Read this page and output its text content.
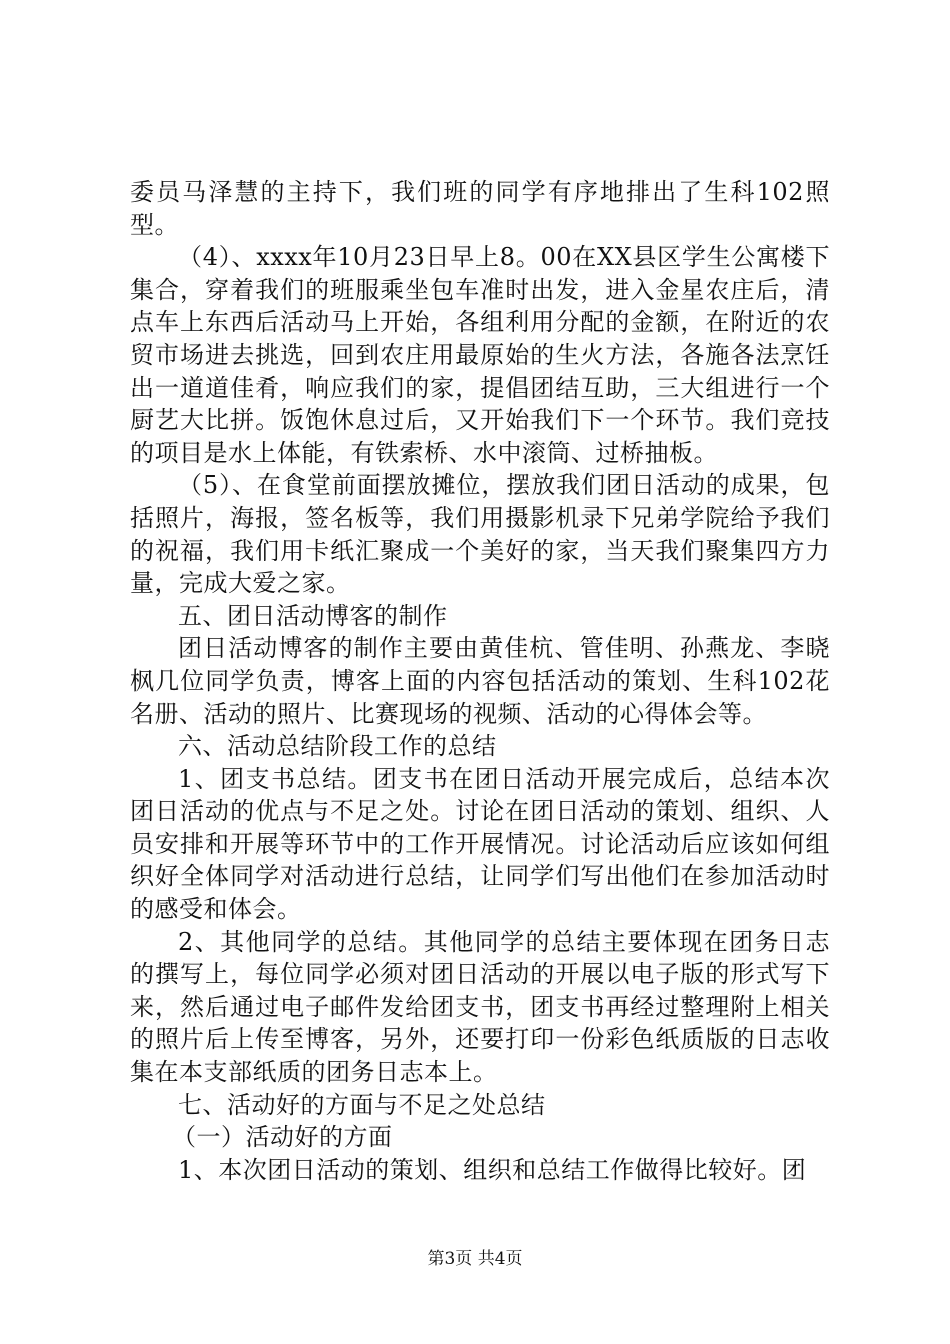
委员马泽慧的主持下，我们班的同学有序地排出了生科102照型。

（4）、xxxx年10月23日早上8。00在XX县区学生公寓楼下集合，穿着我们的班服乘坐包车准时出发，进入金星农庄后，清点车上东西后活动马上开始，各组利用分配的金额，在附近的农贸市场进去挑选，回到农庄用最原始的生火方法，各施各法烹饪出一道道佳肴，响应我们的家，提倡团结互助，三大组进行一个厨艺大比拼。饭饱休息过后，又开始我们下一个环节。我们竞技的项目是水上体能，有铁索桥、水中滚筒、过桥抽板。

（5）、在食堂前面摆放摊位，摆放我们团日活动的成果，包括照片，海报，签名板等，我们用摄影机录下兄弟学院给予我们的祝福，我们用卡纸汇聚成一个美好的家，当天我们聚集四方力量，完成大爱之家。

五、团日活动博客的制作

团日活动博客的制作主要由黄佳杭、管佳明、孙燕龙、李晓枫几位同学负责，博客上面的内容包括活动的策划、生科102花名册、活动的照片、比赛现场的视频、活动的心得体会等。

六、活动总结阶段工作的总结

1、团支书总结。团支书在团日活动开展完成后，总结本次团日活动的优点与不足之处。讨论在团日活动的策划、组织、人员安排和开展等环节中的工作开展情况。讨论活动后应该如何组织好全体同学对活动进行总结，让同学们写出他们在参加活动时的感受和体会。

2、其他同学的总结。其他同学的总结主要体现在团务日志的撰写上，每位同学必须对团日活动的开展以电子版的形式写下来，然后通过电子邮件发给团支书，团支书再经过整理附上相关的照片后上传至博客，另外，还要打印一份彩色纸质版的日志收集在本支部纸质的团务日志本上。

七、活动好的方面与不足之处总结

（一）活动好的方面

1、本次团日活动的策划、组织和总结工作做得比较好。团

第3页 共4页
